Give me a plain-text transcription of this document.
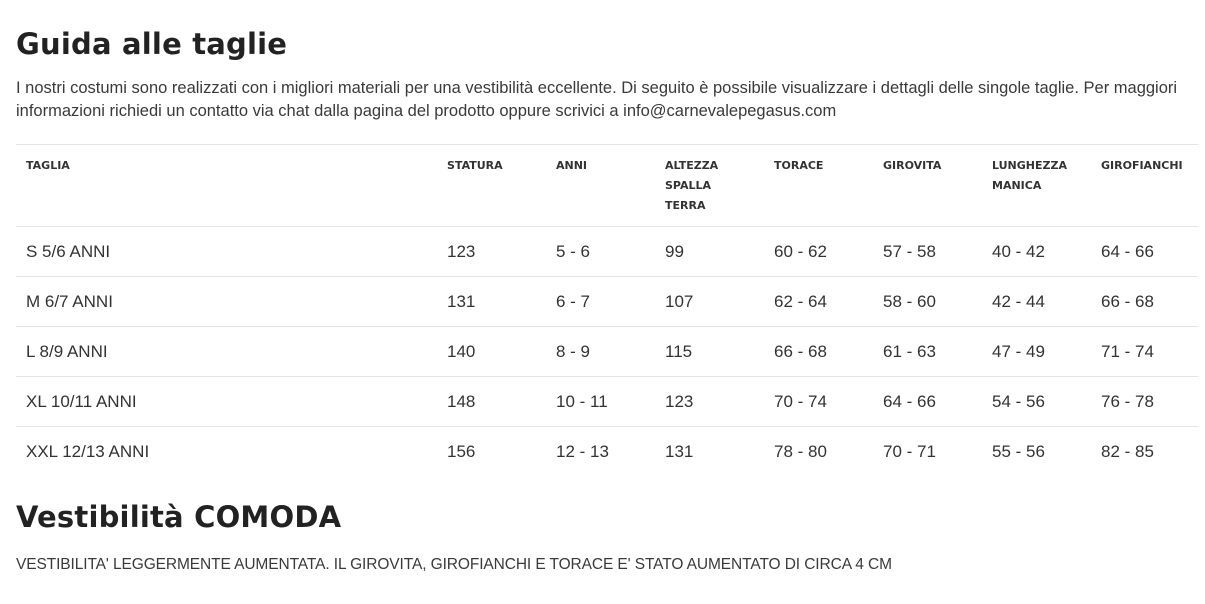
Guida alle taglie

I nostri costumi sono realizzati con i migliori materiali per una vestibilità eccellente. Di seguito è possibile visualizzare i dettagli delle singole taglie. Per maggiori informazioni richiedi un contatto via chat dalla pagina del prodotto oppure scrivici a info@carnevalepegasus.com

TAGLIA	STATURA	ANNI	ALTEZZA SPALLA TERRA	TORACE	GIROVITA	LUNGHEZZA MANICA	GIROFIANCHI
S 5/6 ANNI	123	5 - 6	99	60 - 62	57 - 58	40 - 42	64 - 66
M 6/7 ANNI	131	6 - 7	107	62 - 64	58 - 60	42 - 44	66 - 68
L 8/9 ANNI	140	8 - 9	115	66 - 68	61 - 63	47 - 49	71 - 74
XL 10/11 ANNI	148	10 - 11	123	70 - 74	64 - 66	54 - 56	76 - 78
XXL 12/13 ANNI	156	12 - 13	131	78 - 80	70 - 71	55 - 56	82 - 85
Vestibilità COMODA

VESTIBILITA' LEGGERMENTE AUMENTATA. IL GIROVITA, GIROFIANCHI E TORACE E' STATO AUMENTATO DI CIRCA 4 CM
